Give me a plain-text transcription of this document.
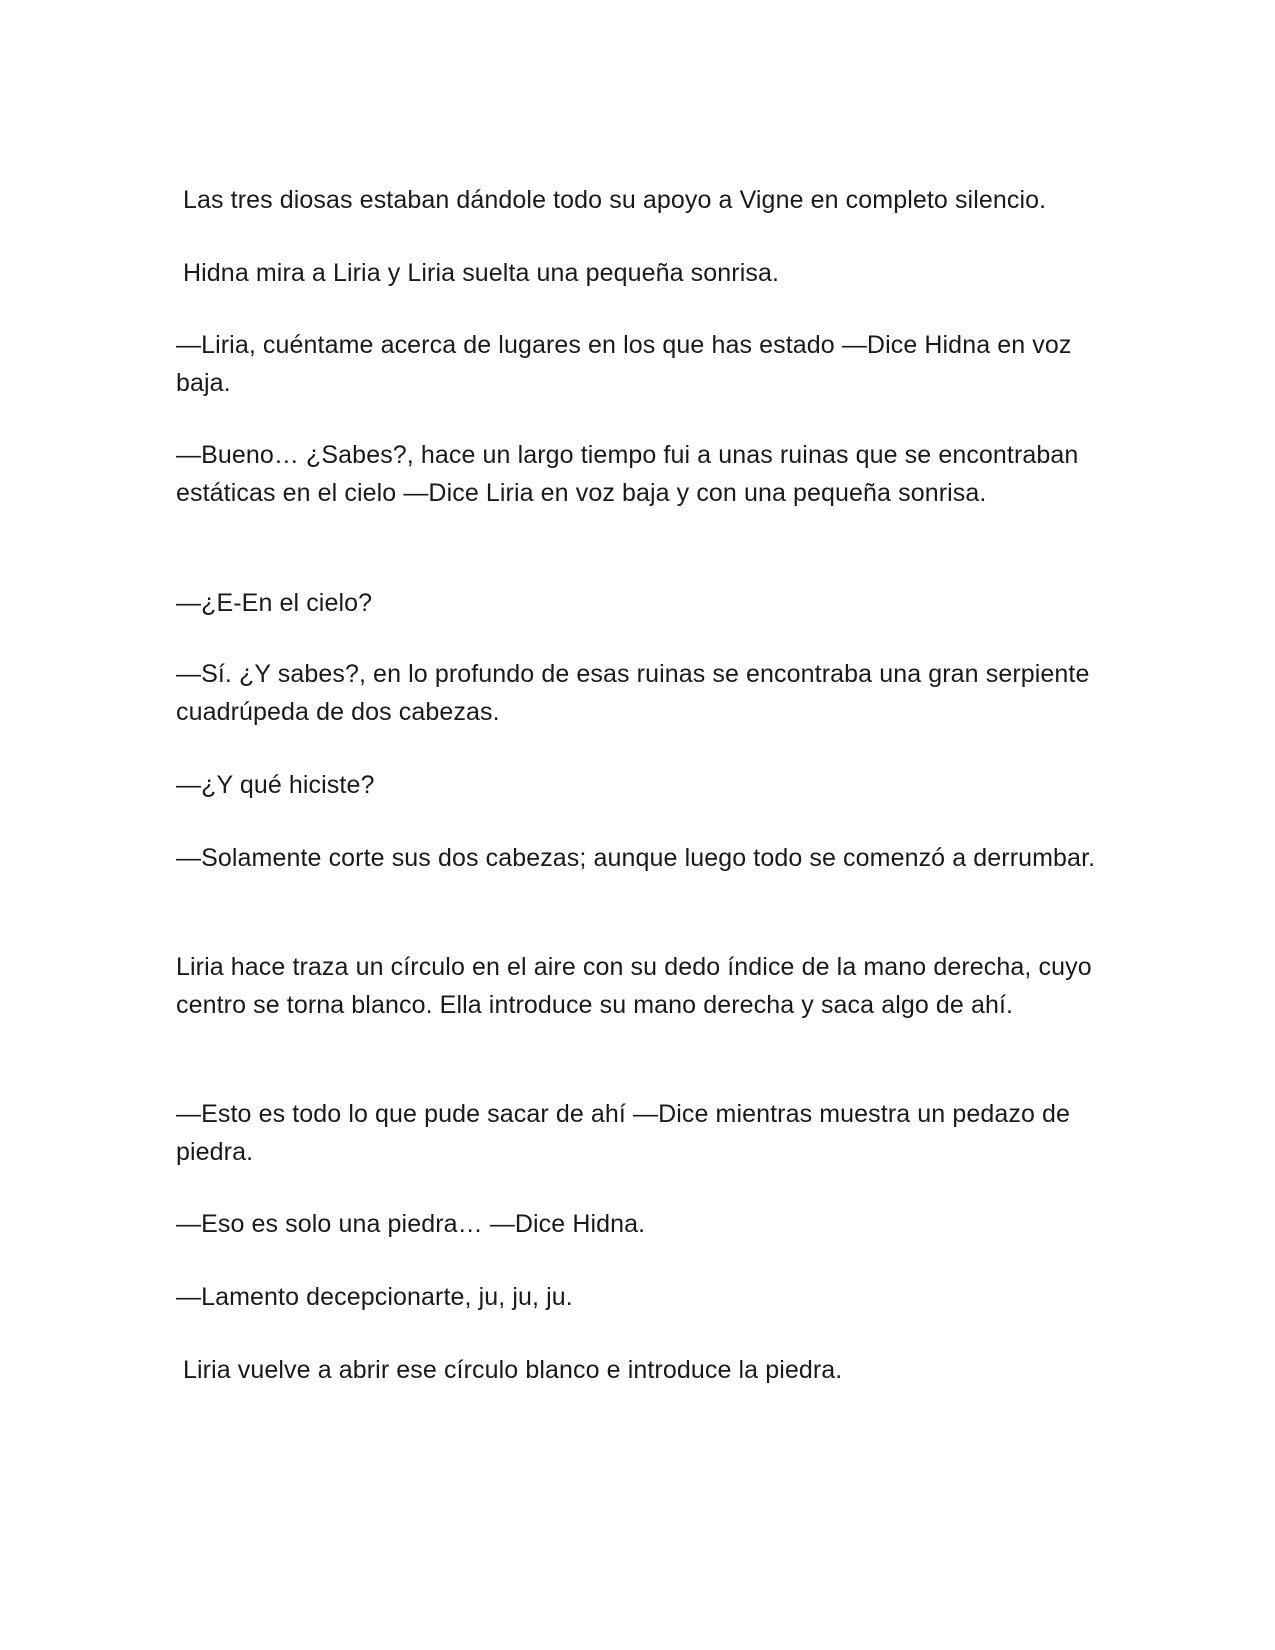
Las tres diosas estaban dándole todo su apoyo a Vigne en completo silencio.

Hidna mira a Liria y Liria suelta una pequeña sonrisa.

—Liria, cuéntame acerca de lugares en los que has estado —Dice Hidna en voz baja.

—Bueno… ¿Sabes?, hace un largo tiempo fui a unas ruinas que se encontraban estáticas en el cielo —Dice Liria en voz baja y con una pequeña sonrisa.

—¿E-En el cielo?

—Sí. ¿Y sabes?, en lo profundo de esas ruinas se encontraba una gran serpiente cuadrúpeda de dos cabezas.

—¿Y qué hiciste?

—Solamente corte sus dos cabezas; aunque luego todo se comenzó a derrumbar.

Liria hace traza un círculo en el aire con su dedo índice de la mano derecha, cuyo centro se torna blanco. Ella introduce su mano derecha y saca algo de ahí.

—Esto es todo lo que pude sacar de ahí —Dice mientras muestra un pedazo de piedra.

—Eso es solo una piedra… —Dice Hidna.

—Lamento decepcionarte, ju, ju, ju.

Liria vuelve a abrir ese círculo blanco e introduce la piedra.
